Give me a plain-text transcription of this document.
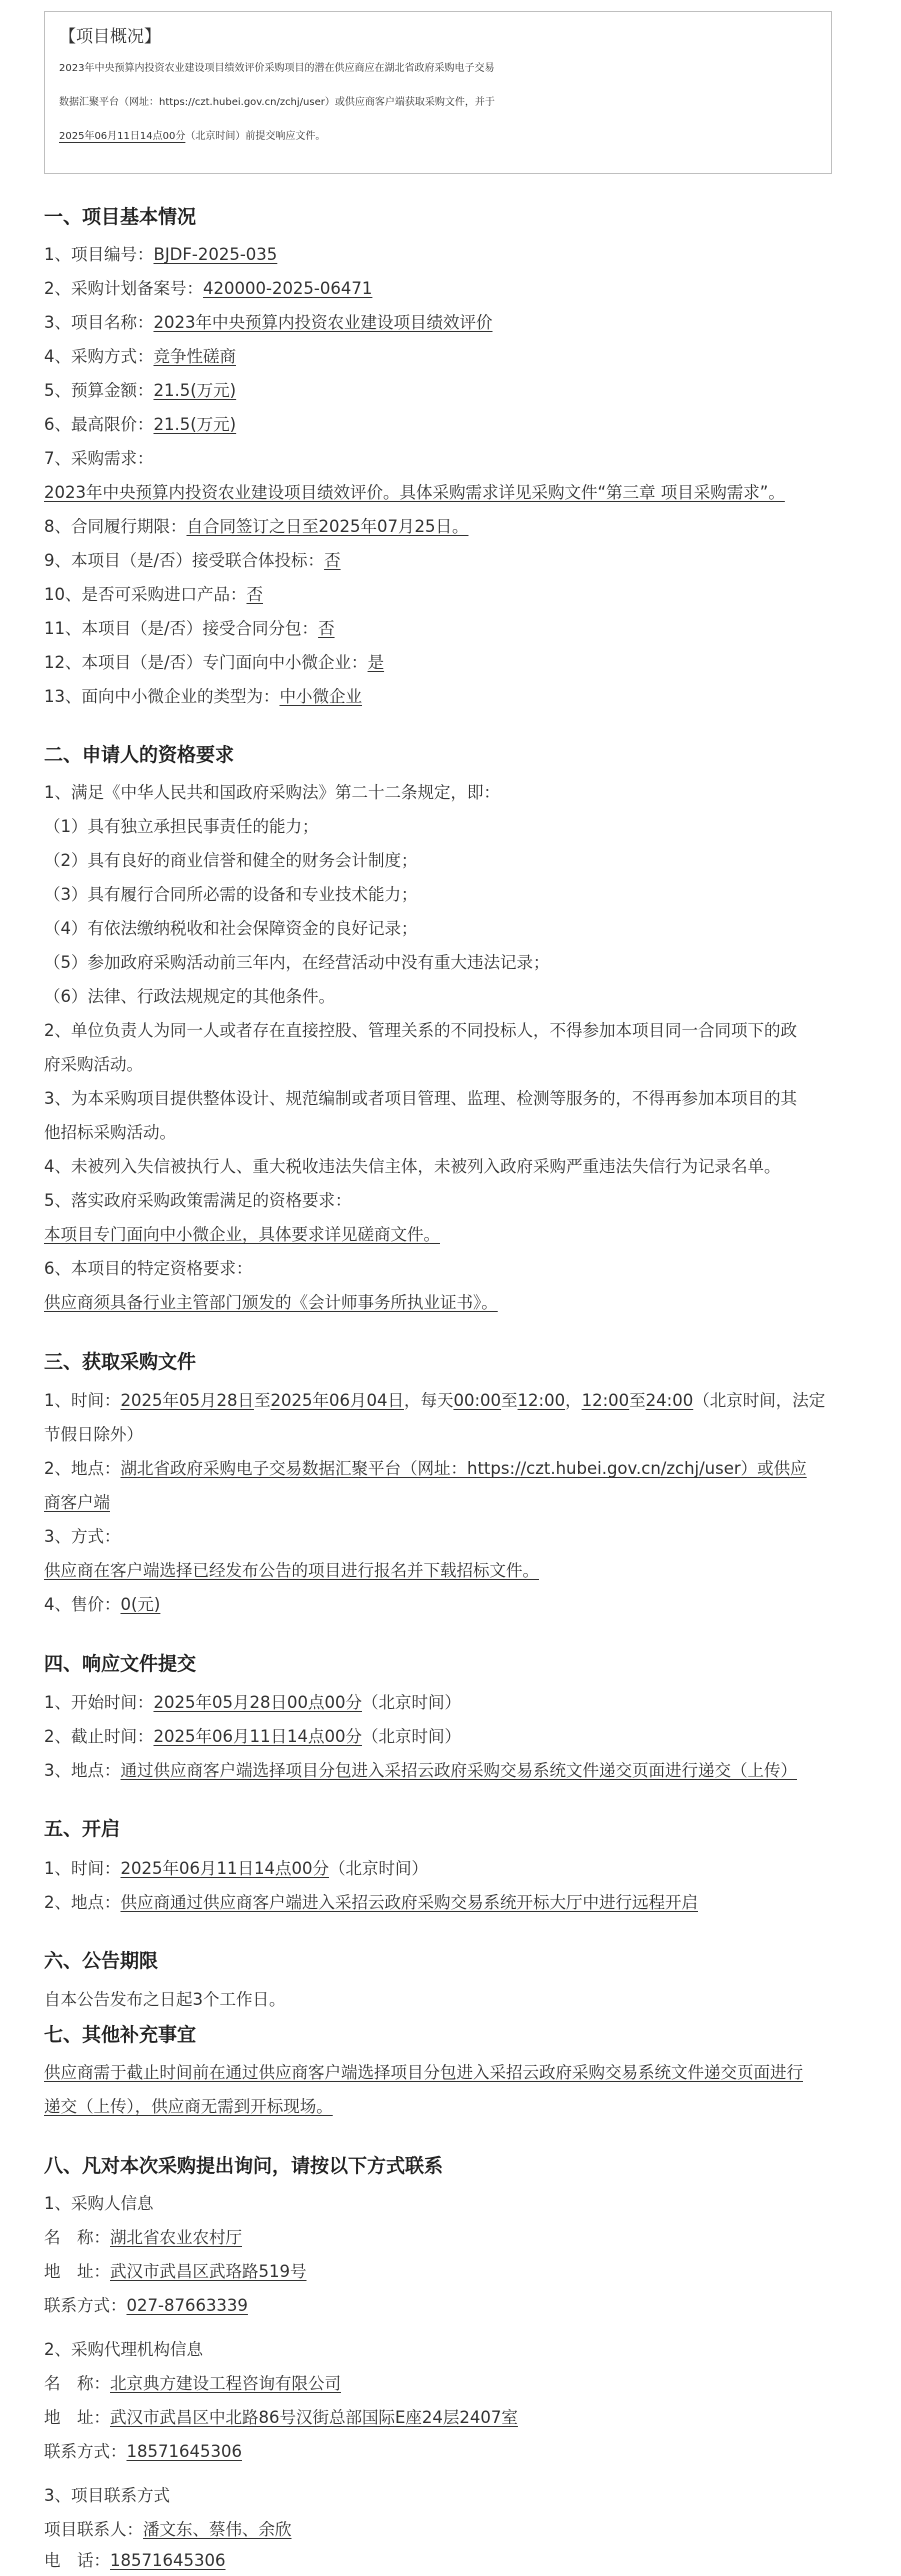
【项目概况】
2023年中央预算内投资农业建设项目绩效评价采购项目的潜在供应商应在湖北省政府采购电子交易
数据汇聚平台（网址：https://czt.hubei.gov.cn/zchj/user）或供应商客户端获取采购文件，并于
2025年06月11日14点00分（北京时间）前提交响应文件。
一、项目基本情况
1、项目编号：BJDF-2025-035
2、采购计划备案号：420000-2025-06471
3、项目名称：2023年中央预算内投资农业建设项目绩效评价
4、采购方式：竞争性磋商
5、预算金额：21.5(万元)
6、最高限价：21.5(万元)
7、采购需求：
2023年中央预算内投资农业建设项目绩效评价。具体采购需求详见采购文件“第三章 项目采购需求”。
8、合同履行期限：自合同签订之日至2025年07月25日。
9、本项目（是/否）接受联合体投标：否
10、是否可采购进口产品：否
11、本项目（是/否）接受合同分包：否
12、本项目（是/否）专门面向中小微企业：是
13、面向中小微企业的类型为：中小微企业
二、申请人的资格要求
1、满足《中华人民共和国政府采购法》第二十二条规定，即：
（1）具有独立承担民事责任的能力；
（2）具有良好的商业信誉和健全的财务会计制度；
（3）具有履行合同所必需的设备和专业技术能力；
（4）有依法缴纳税收和社会保障资金的良好记录；
（5）参加政府采购活动前三年内，在经营活动中没有重大违法记录；
（6）法律、行政法规规定的其他条件。
2、单位负责人为同一人或者存在直接控股、管理关系的不同投标人，不得参加本项目同一合同项下的政
府采购活动。
3、为本采购项目提供整体设计、规范编制或者项目管理、监理、检测等服务的，不得再参加本项目的其
他招标采购活动。
4、未被列入失信被执行人、重大税收违法失信主体，未被列入政府采购严重违法失信行为记录名单。
5、落实政府采购政策需满足的资格要求：
本项目专门面向中小微企业，具体要求详见磋商文件。
6、本项目的特定资格要求：
供应商须具备行业主管部门颁发的《会计师事务所执业证书》。
三、获取采购文件
1、时间：2025年05月28日至2025年06月04日，每天00:00至12:00，12:00至24:00（北京时间，法定
节假日除外）
2、地点：湖北省政府采购电子交易数据汇聚平台（网址：https://czt.hubei.gov.cn/zchj/user）或供应
商客户端
3、方式：
供应商在客户端选择已经发布公告的项目进行报名并下载招标文件。
4、售价：0(元)
四、响应文件提交
1、开始时间：2025年05月28日00点00分（北京时间）
2、截止时间：2025年06月11日14点00分（北京时间）
3、地点：通过供应商客户端选择项目分包进入采招云政府采购交易系统文件递交页面进行递交（上传）
五、开启
1、时间：2025年06月11日14点00分（北京时间）
2、地点：供应商通过供应商客户端进入采招云政府采购交易系统开标大厅中进行远程开启
六、公告期限
自本公告发布之日起3个工作日。
七、其他补充事宜
供应商需于截止时间前在通过供应商客户端选择项目分包进入采招云政府采购交易系统文件递交页面进行
递交（上传），供应商无需到开标现场。
八、凡对本次采购提出询问，请按以下方式联系
1、采购人信息
名　称：湖北省农业农村厅
地　址：武汉市武昌区武珞路519号
联系方式：027-87663339
2、采购代理机构信息
名　称：北京典方建设工程咨询有限公司
地　址：武汉市武昌区中北路86号汉街总部国际E座24层2407室
联系方式：18571645306
3、项目联系方式
项目联系人：潘文东、蔡伟、余欣
电　话：18571645306
